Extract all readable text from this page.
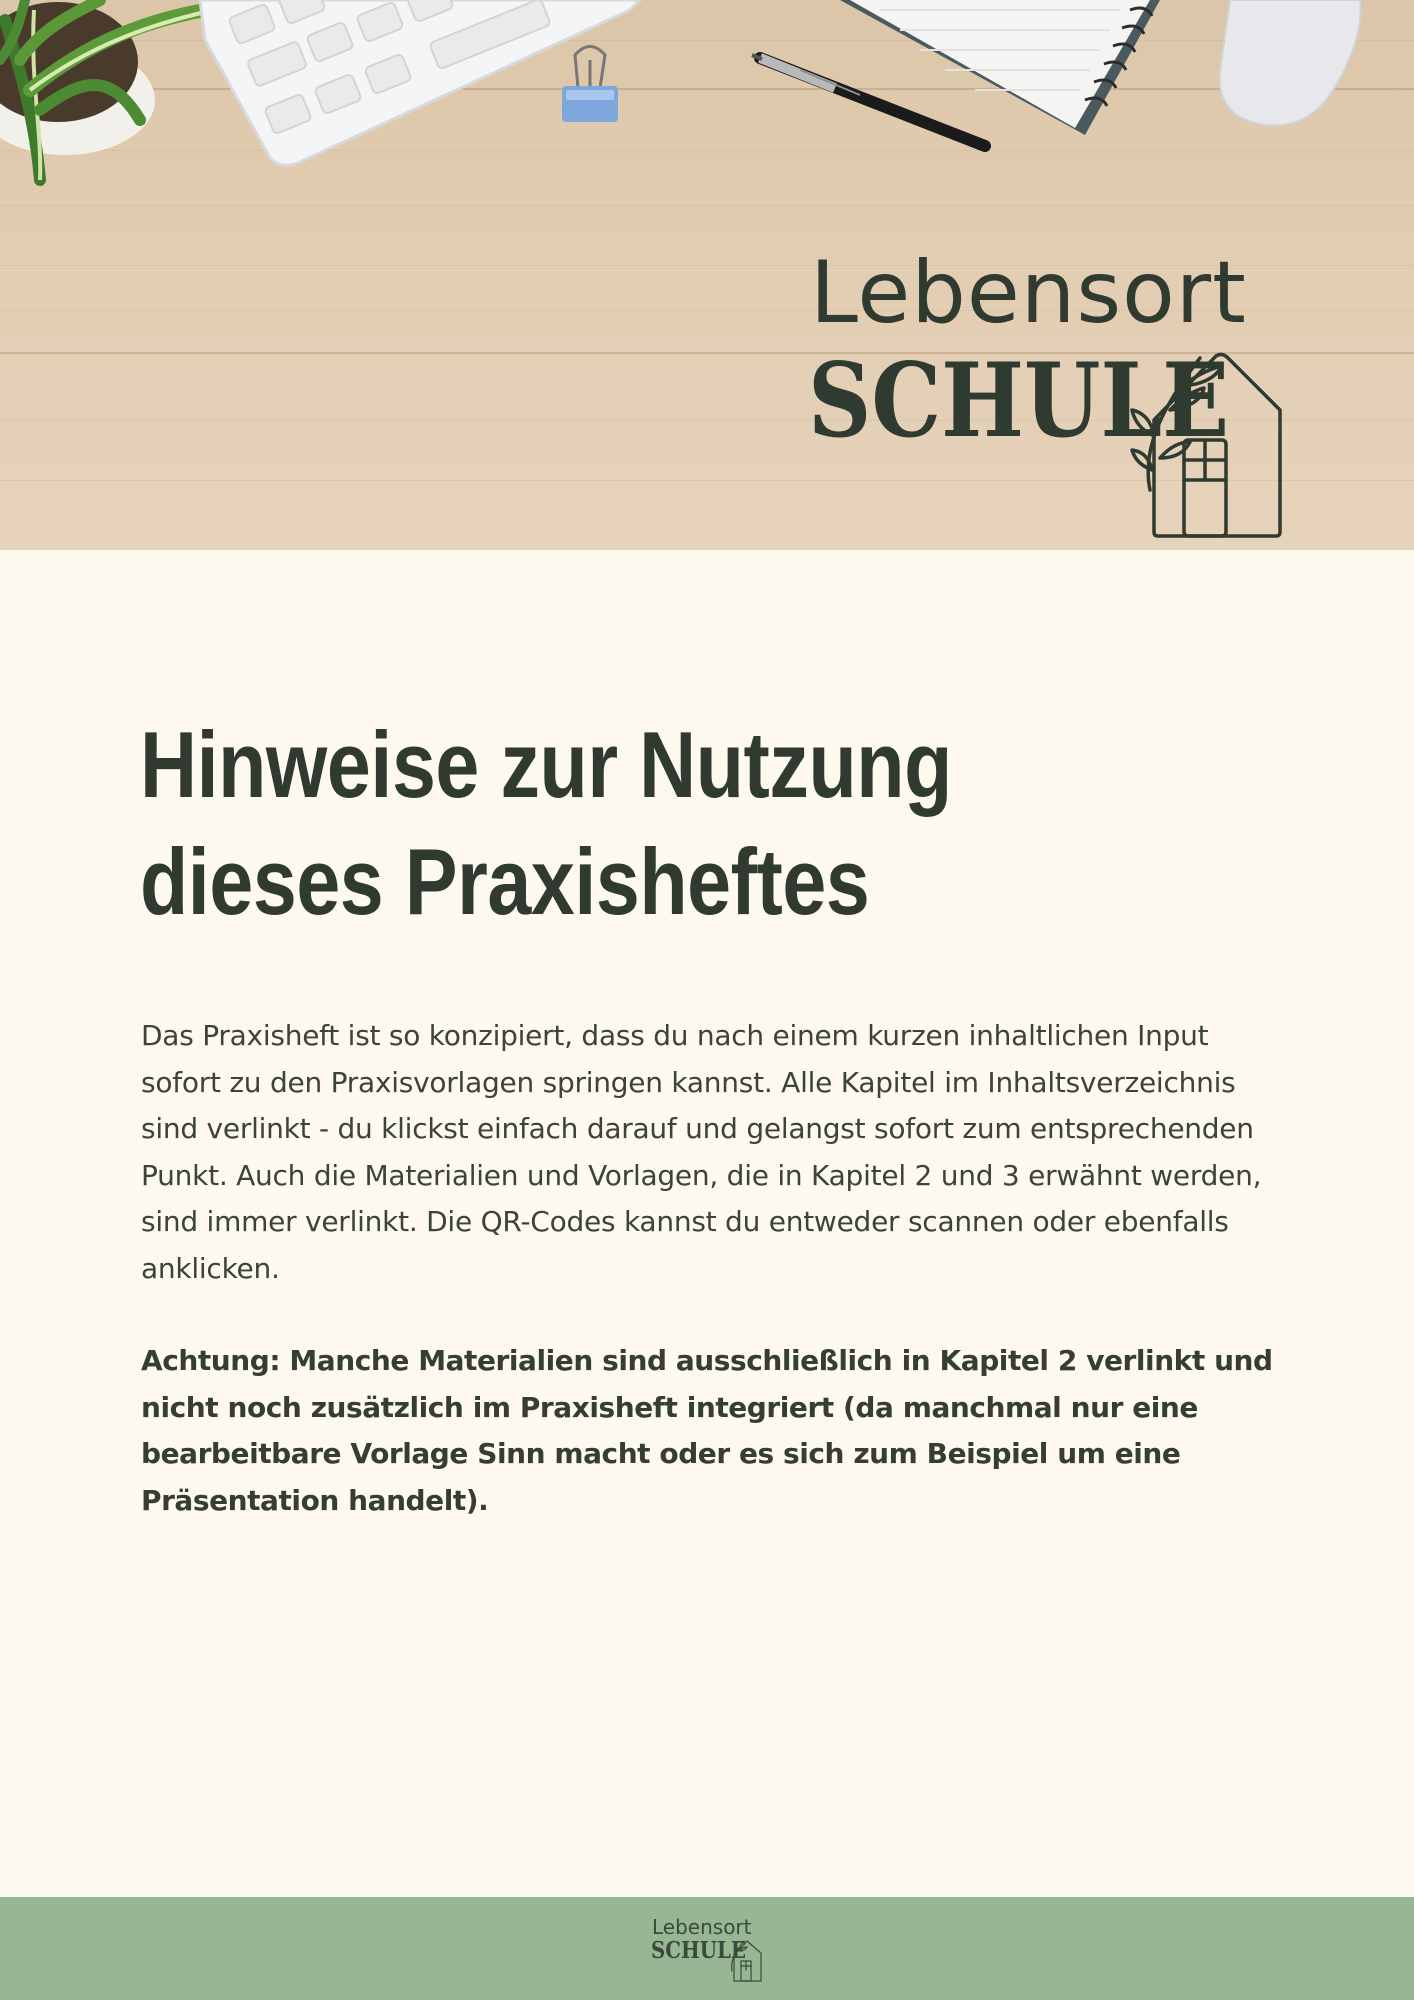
Lebensort
SCHULE
Hinweise zur Nutzung
dieses Praxisheftes

Das Praxisheft ist so konzipiert, dass du nach einem kurzen inhaltlichen Input sofort zu den Praxisvorlagen springen kannst. Alle Kapitel im Inhaltsverzeichnis sind verlinkt - du klickst einfach darauf und gelangst sofort zum entsprechenden Punkt. Auch die Materialien und Vorlagen, die in Kapitel 2 und 3 erwähnt werden, sind immer verlinkt. Die QR-Codes kannst du entweder scannen oder ebenfalls anklicken.

Achtung: Manche Materialien sind ausschließlich in Kapitel 2 verlinkt und nicht noch zusätzlich im Praxisheft integriert (da manchmal nur eine bearbeitbare Vorlage Sinn macht oder es sich zum Beispiel um eine Präsentation handelt).

Lebensort
SCHULE
